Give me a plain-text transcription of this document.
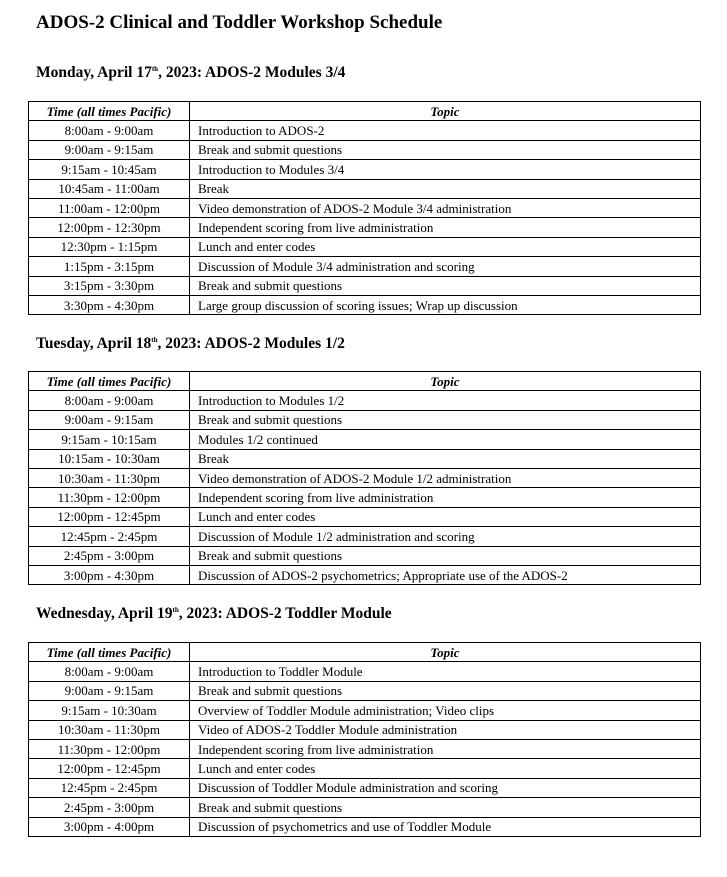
ADOS-2 Clinical and Toddler Workshop Schedule
Monday, April 17th, 2023: ADOS-2 Modules 3/4
Time (all times Pacific)	Topic
8:00am - 9:00am	Introduction to ADOS-2
9:00am - 9:15am	Break and submit questions
9:15am - 10:45am	Introduction to Modules 3/4
10:45am - 11:00am	Break
11:00am - 12:00pm	Video demonstration of ADOS-2 Module 3/4 administration
12:00pm - 12:30pm	Independent scoring from live administration
12:30pm - 1:15pm	Lunch and enter codes
1:15pm - 3:15pm	Discussion of Module 3/4 administration and scoring
3:15pm - 3:30pm	Break and submit questions
3:30pm - 4:30pm	Large group discussion of scoring issues; Wrap up discussion
Tuesday, April 18th, 2023: ADOS-2 Modules 1/2
Time (all times Pacific)	Topic
8:00am - 9:00am	Introduction to Modules 1/2
9:00am - 9:15am	Break and submit questions
9:15am - 10:15am	Modules 1/2 continued
10:15am - 10:30am	Break
10:30am - 11:30pm	Video demonstration of ADOS-2 Module 1/2 administration
11:30pm - 12:00pm	Independent scoring from live administration
12:00pm - 12:45pm	Lunch and enter codes
12:45pm - 2:45pm	Discussion of Module 1/2 administration and scoring
2:45pm - 3:00pm	Break and submit questions
3:00pm - 4:30pm	Discussion of ADOS-2 psychometrics; Appropriate use of the ADOS-2
Wednesday, April 19th, 2023: ADOS-2 Toddler Module
Time (all times Pacific)	Topic
8:00am - 9:00am	Introduction to Toddler Module
9:00am - 9:15am	Break and submit questions
9:15am - 10:30am	Overview of Toddler Module administration; Video clips
10:30am - 11:30pm	Video of ADOS-2 Toddler Module administration
11:30pm - 12:00pm	Independent scoring from live administration
12:00pm - 12:45pm	Lunch and enter codes
12:45pm - 2:45pm	Discussion of Toddler Module administration and scoring
2:45pm - 3:00pm	Break and submit questions
3:00pm - 4:00pm	Discussion of psychometrics and use of Toddler Module
